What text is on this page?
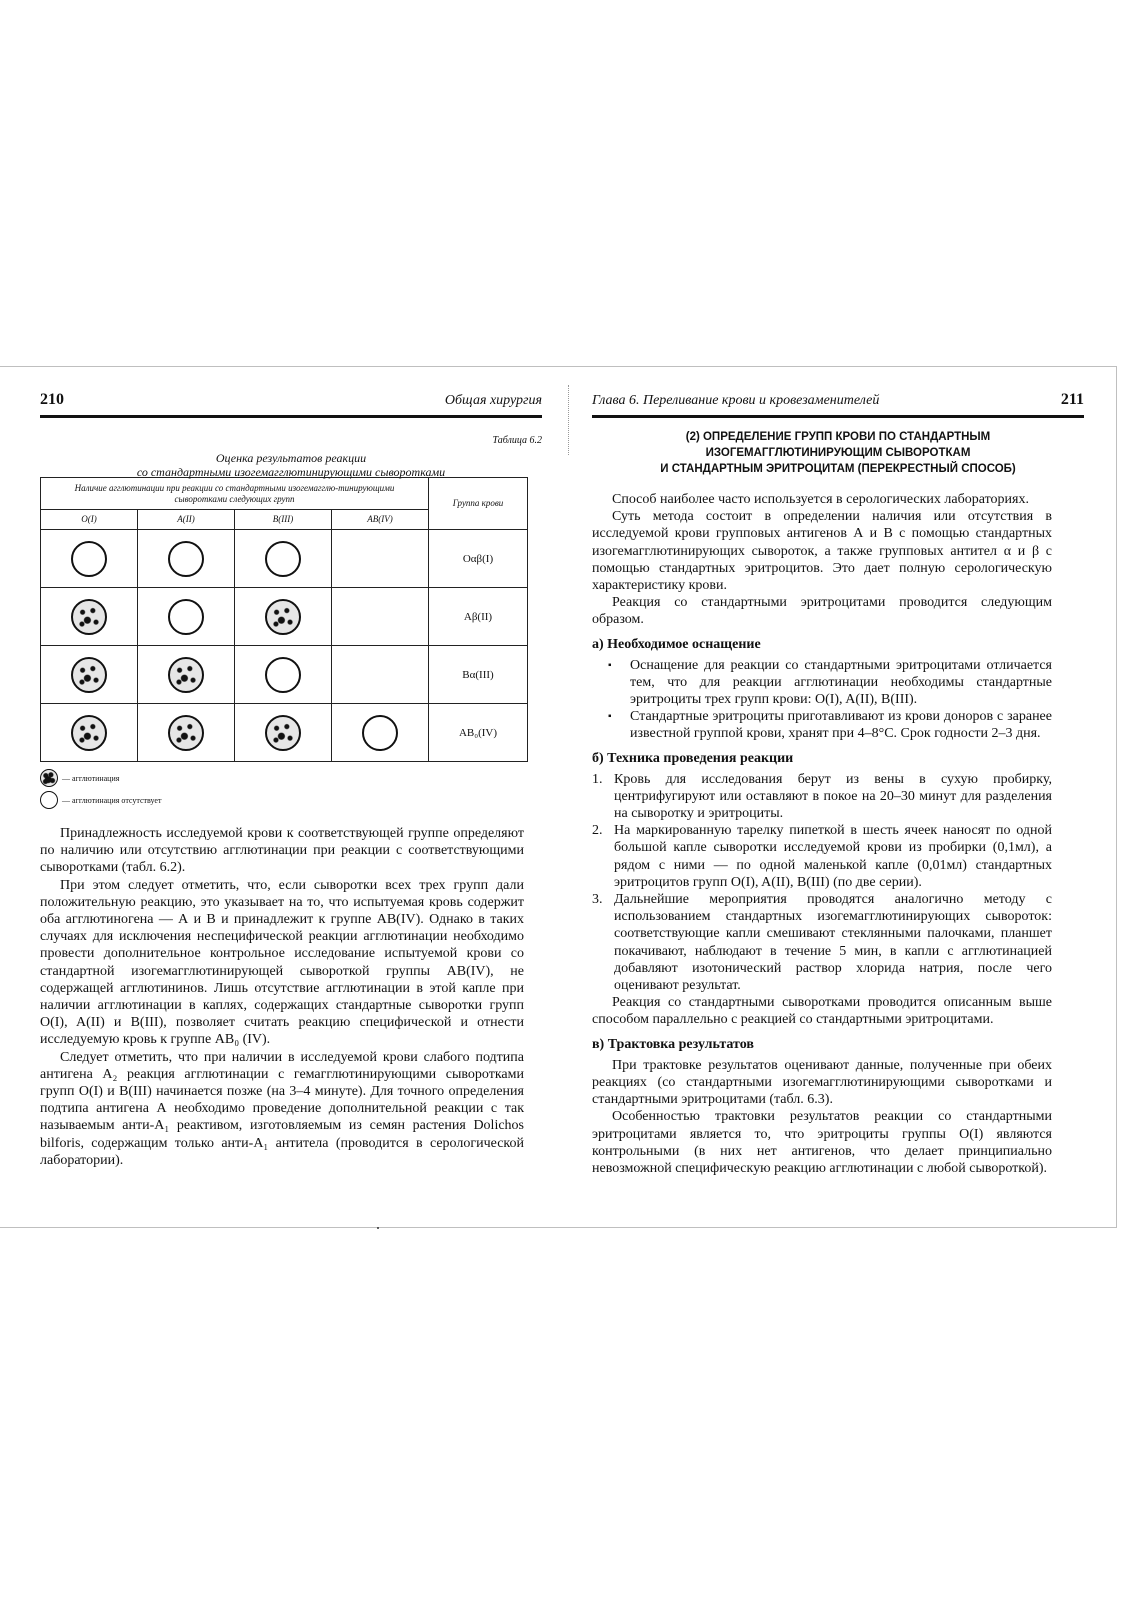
210	Общая хирургия
Таблица 6.2
Оценка результатов реакции
со стандартными изогемагглютинирующими сыворотками
Наличие агглютинации при реакции со стандартными изогемагглю-тинирующими сыворотками следующих групп				Группа крови
O(I)	A(II)	B(III)	AB(IV)	
				Oαβ(I)
				Aβ(II)
				Bα(III)
				AB₀(IV)
— агглютинация
— агглютинация отсутствует

Принадлежность исследуемой крови к соответствующей группе определяют по наличию или отсутствию агглютинации при реакции с соответствующими сыворотками (табл. 6.2).

При этом следует отметить, что, если сыворотки всех трех групп дали положительную реакцию, это указывает на то, что испытуемая кровь содержит оба агглютиногена — А и В и принадлежит к группе AB(IV). Однако в таких случаях для исключения неспецифической реакции агглютинации необходимо провести дополнительное контрольное исследование испытуемой крови со стандартной изогемагглютинирующей сывороткой группы AB(IV), не содержащей агглютининов. Лишь отсутствие агглютинации в этой капле при наличии агглютинации в каплях, содержащих стандартные сыворотки групп O(I), A(II) и B(III), позволяет считать реакцию специфической и отнести исследуемую кровь к группе AB₀ (IV).

Следует отметить, что при наличии в исследуемой крови слабого подтипа антигена A₂ реакция агглютинации с гемагглютинирующими сыворотками групп O(I) и B(III) начинается позже (на 3–4 минуте). Для точного определения подтипа антигена А необходимо проведение дополнительной реакции с так называемым анти-A₁ реактивом, изготовляемым из семян растения Dolichos bilforis, содержащим только анти-A₁ антитела (проводится в серологической лаборатории).

Глава 6. Переливание крови и кровезаменителей	211
(2) ОПРЕДЕЛЕНИЕ ГРУПП КРОВИ ПО СТАНДАРТНЫМ
ИЗОГЕМАГГЛЮТИНИРУЮЩИМ СЫВОРОТКАМ
И СТАНДАРТНЫМ ЭРИТРОЦИТАМ (ПЕРЕКРЕСТНЫЙ СПОСОБ)

Способ наиболее часто используется в серологических лабораториях.

Суть метода состоит в определении наличия или отсутствия в исследуемой крови групповых антигенов А и В с помощью стандартных изогемагглютинирующих сывороток, а также групповых антител α и β с помощью стандартных эритроцитов. Это дает полную серологическую характеристику крови.

Реакция со стандартными эритроцитами проводится следующим образом.

а) Необходимое оснащение
▪ Оснащение для реакции со стандартными эритроцитами отличается тем, что для реакции агглютинации необходимы стандартные эритроциты трех групп крови: O(I), A(II), B(III).
▪ Стандартные эритроциты приготавливают из крови доноров с заранее известной группой крови, хранят при 4–8°С. Срок годности 2–3 дня.
б) Техника проведения реакции
1. Кровь для исследования берут из вены в сухую пробирку, центрифугируют или оставляют в покое на 20–30 минут для разделения на сыворотку и эритроциты.
2. На маркированную тарелку пипеткой в шесть ячеек наносят по одной большой капле сыворотки исследуемой крови из пробирки (0,1мл), а рядом с ними — по одной маленькой капле (0,01мл) стандартных эритроцитов групп O(I), A(II), B(III) (по две серии).
3. Дальнейшие мероприятия проводятся аналогично методу с использованием стандартных изогемагглютинирующих сывороток: соответствующие капли смешивают стеклянными палочками, планшет покачивают, наблюдают в течение 5 мин, в капли с агглютинацией добавляют изотонический раствор хлорида натрия, после чего оценивают результат.

Реакция со стандартными сыворотками проводится описанным выше способом параллельно с реакцией со стандартными эритроцитами.

в) Трактовка результатов

При трактовке результатов оценивают данные, полученные при обеих реакциях (со стандартными изогемагглютинирующими сыворотками и стандартными эритроцитами (табл. 6.3).

Особенностью трактовки результатов реакции со стандартными эритроцитами является то, что эритроциты группы O(I) являются контрольными (в них нет антигенов, что делает принципиально невозможной специфическую реакцию агглютинации с любой сывороткой).
